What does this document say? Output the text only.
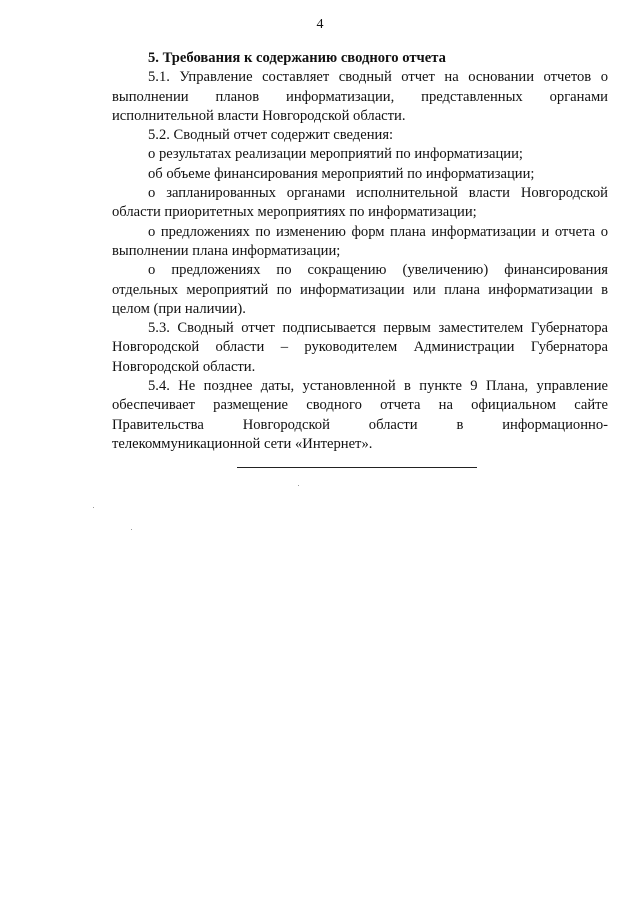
4

5. Требования к содержанию сводного отчета

5.1. Управление составляет сводный отчет на основании отчетов о выполнении планов информатизации, представленных органами исполнительной власти Новгородской области.

5.2. Сводный отчет содержит сведения:

о результатах реализации мероприятий по информатизации;

об объеме финансирования мероприятий по информатизации;

о запланированных органами исполнительной власти Новгородской области приоритетных мероприятиях по информатизации;

о предложениях по изменению форм плана информатизации и отчета о выполнении плана информатизации;

о предложениях по сокращению (увеличению) финансирования отдельных мероприятий по информатизации или плана информатизации в целом (при наличии).

5.3. Сводный отчет подписывается первым заместителем Губернатора Новгородской области – руководителем Администрации Губернатора Новгородской области.

5.4. Не позднее даты, установленной в пункте 9 Плана, управление обеспечивает размещение сводного отчета на официальном сайте Правительства Новгородской области в информационно-телекоммуникационной сети «Интернет».
